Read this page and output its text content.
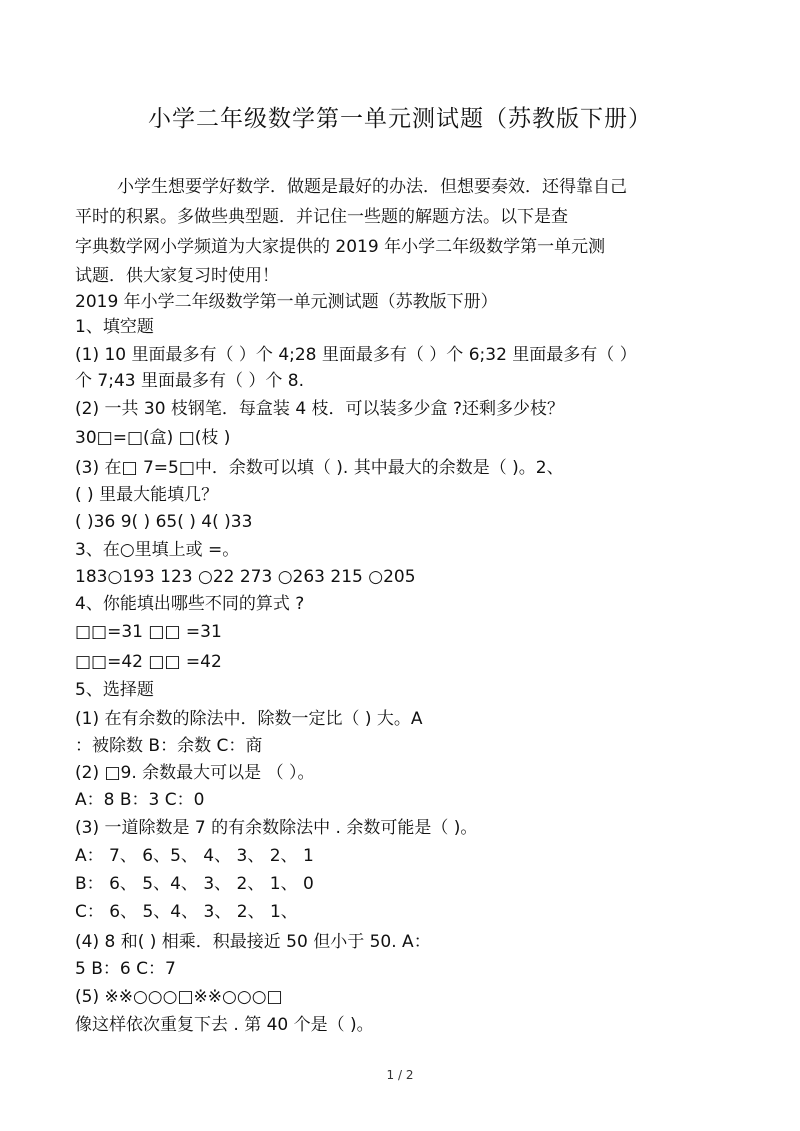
小学二年级数学第一单元测试题（苏教版下册）
小学生想要学好数学．做题是最好的办法．但想要奏效．还得靠自己
平时的积累。多做些典型题．并记住一些题的解题方法。以下是查
字典数学网小学频道为大家提供的 2019 年小学二年级数学第一单元测
试题．供大家复习时使用！
2019 年小学二年级数学第一单元测试题（苏教版下册）
1、填空题
(1) 10 里面最多有（ ）个 4;28 里面最多有（ ）个 6;32 里面最多有（ ）
个 7;43 里面最多有（ ）个 8.
(2) 一共 30 枝钢笔．每盒装 4 枝．可以装多少盒 ?还剩多少枝？
30□=□(盒) □(枝 )
(3) 在□ 7=5□中．余数可以填（ ). 其中最大的余数是（ )。2、
( ) 里最大能填几？
( )36 9( ) 65( ) 4( )33
3、在○里填上或 =。
183○193 123 ○22 273 ○263 215 ○205
4、你能填出哪些不同的算式 ?
□□=31 □□ =31
□□=42 □□ =42
5、选择题
(1) 在有余数的除法中．除数一定比（ ) 大。A
：被除数 B：余数 C：商
(2) □9. 余数最大可以是 （ ）。
A：8 B：3 C：0
(3) 一道除数是 7 的有余数除法中 . 余数可能是（ )。
A： 7、 6、5、 4、 3、 2、 1
B： 6、 5、4、 3、 2、 1、 0
C： 6、 5、4、 3、 2、 1、
(4) 8 和( ) 相乘．积最接近 50 但小于 50. A：
5 B：6 C：7
(5) ※※○○○□※※○○○□
像这样依次重复下去 . 第 40 个是（ )。
1 / 2
